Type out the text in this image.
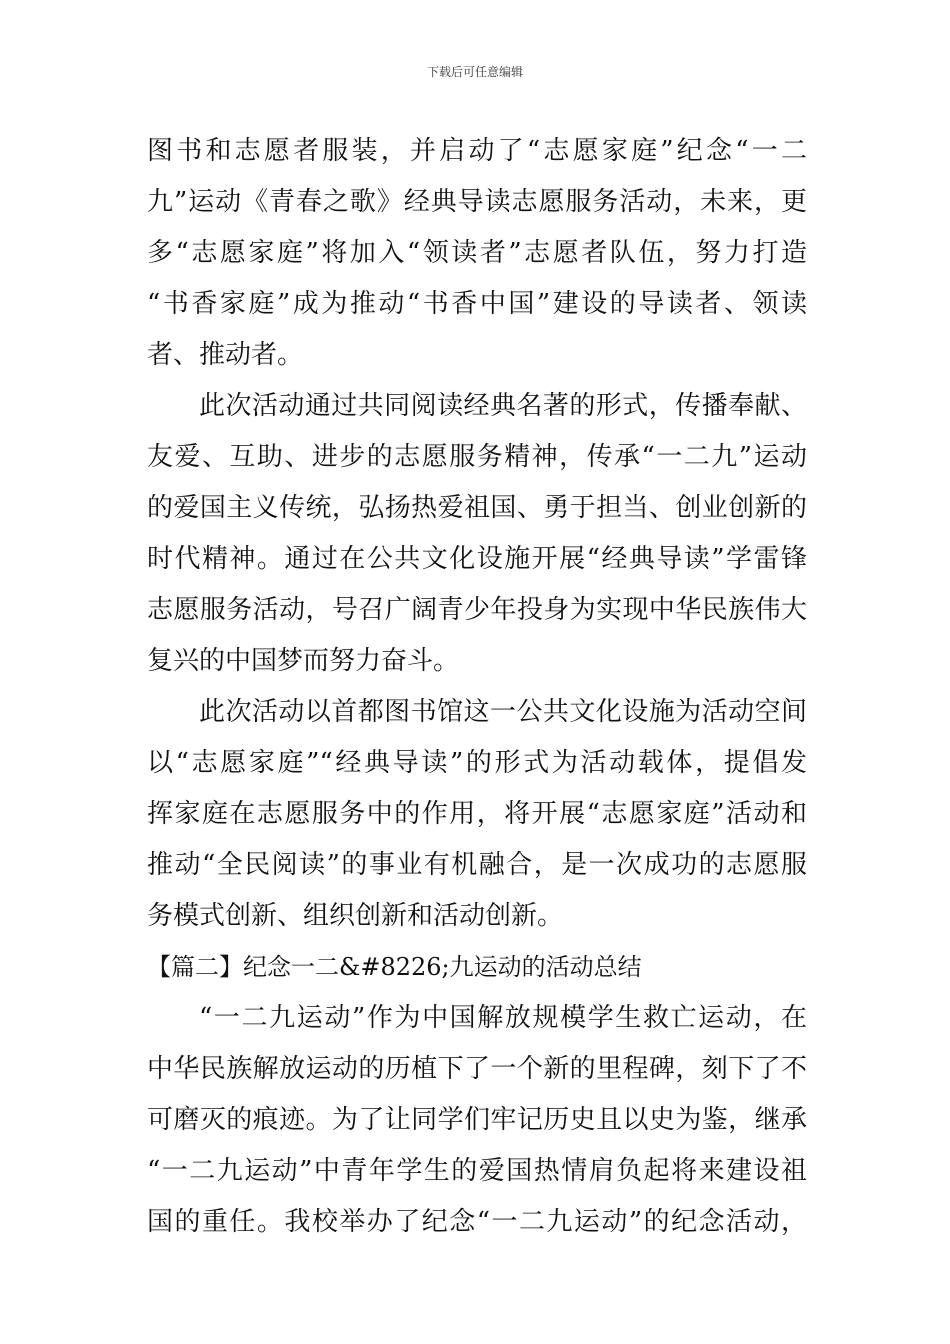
下载后可任意编辑
图书和志愿者服装，并启动了“志愿家庭”纪念“一二
九”运动《青春之歌》经典导读志愿服务活动，未来，更
多“志愿家庭”将加入“领读者”志愿者队伍，努力打造
“书香家庭”成为推动“书香中国”建设的导读者、领读
者、推动者。
此次活动通过共同阅读经典名著的形式，传播奉献、
友爱、互助、进步的志愿服务精神，传承“一二九”运动
的爱国主义传统，弘扬热爱祖国、勇于担当、创业创新的
时代精神。通过在公共文化设施开展“经典导读”学雷锋
志愿服务活动，号召广阔青少年投身为实现中华民族伟大
复兴的中国梦而努力奋斗。
此次活动以首都图书馆这一公共文化设施为活动空间
以“志愿家庭”“经典导读”的形式为活动载体，提倡发
挥家庭在志愿服务中的作用，将开展“志愿家庭”活动和
推动“全民阅读”的事业有机融合，是一次成功的志愿服
务模式创新、组织创新和活动创新。
【篇二】纪念一二&#8226;九运动的活动总结
“一二九运动”作为中国解放规模学生救亡运动，在
中华民族解放运动的历植下了一个新的里程碑，刻下了不
可磨灭的痕迹。为了让同学们牢记历史且以史为鉴，继承
“一二九运动”中青年学生的爱国热情肩负起将来建设祖
国的重任。我校举办了纪念“一二九运动”的纪念活动，
